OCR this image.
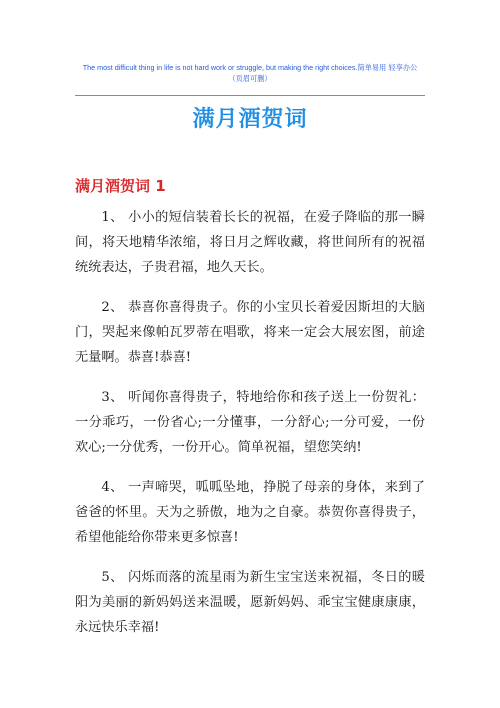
The most difficult thing in life is not hard work or struggle, but making the right choices.简单易用 轻享办公
（页眉可删）
满月酒贺词
满月酒贺词 1

1、 小小的短信装着长长的祝福，在爱子降临的那一瞬间，将天地精华浓缩，将日月之辉收藏，将世间所有的祝福统统表达，子贵君福，地久天长。

2、 恭喜你喜得贵子。你的小宝贝长着爱因斯坦的大脑门，哭起来像帕瓦罗蒂在唱歌，将来一定会大展宏图，前途无量啊。恭喜!恭喜!

3、 听闻你喜得贵子，特地给你和孩子送上一份贺礼：一分乖巧，一份省心;一分懂事，一分舒心;一分可爱，一份欢心;一分优秀，一份开心。简单祝福，望您笑纳!

4、 一声啼哭，呱呱坠地，挣脱了母亲的身体，来到了爸爸的怀里。天为之骄傲，地为之自豪。恭贺你喜得贵子，希望他能给你带来更多惊喜!

5、 闪烁而落的流星雨为新生宝宝送来祝福，冬日的暖阳为美丽的新妈妈送来温暖，愿新妈妈、乖宝宝健康康康，永远快乐幸福!
